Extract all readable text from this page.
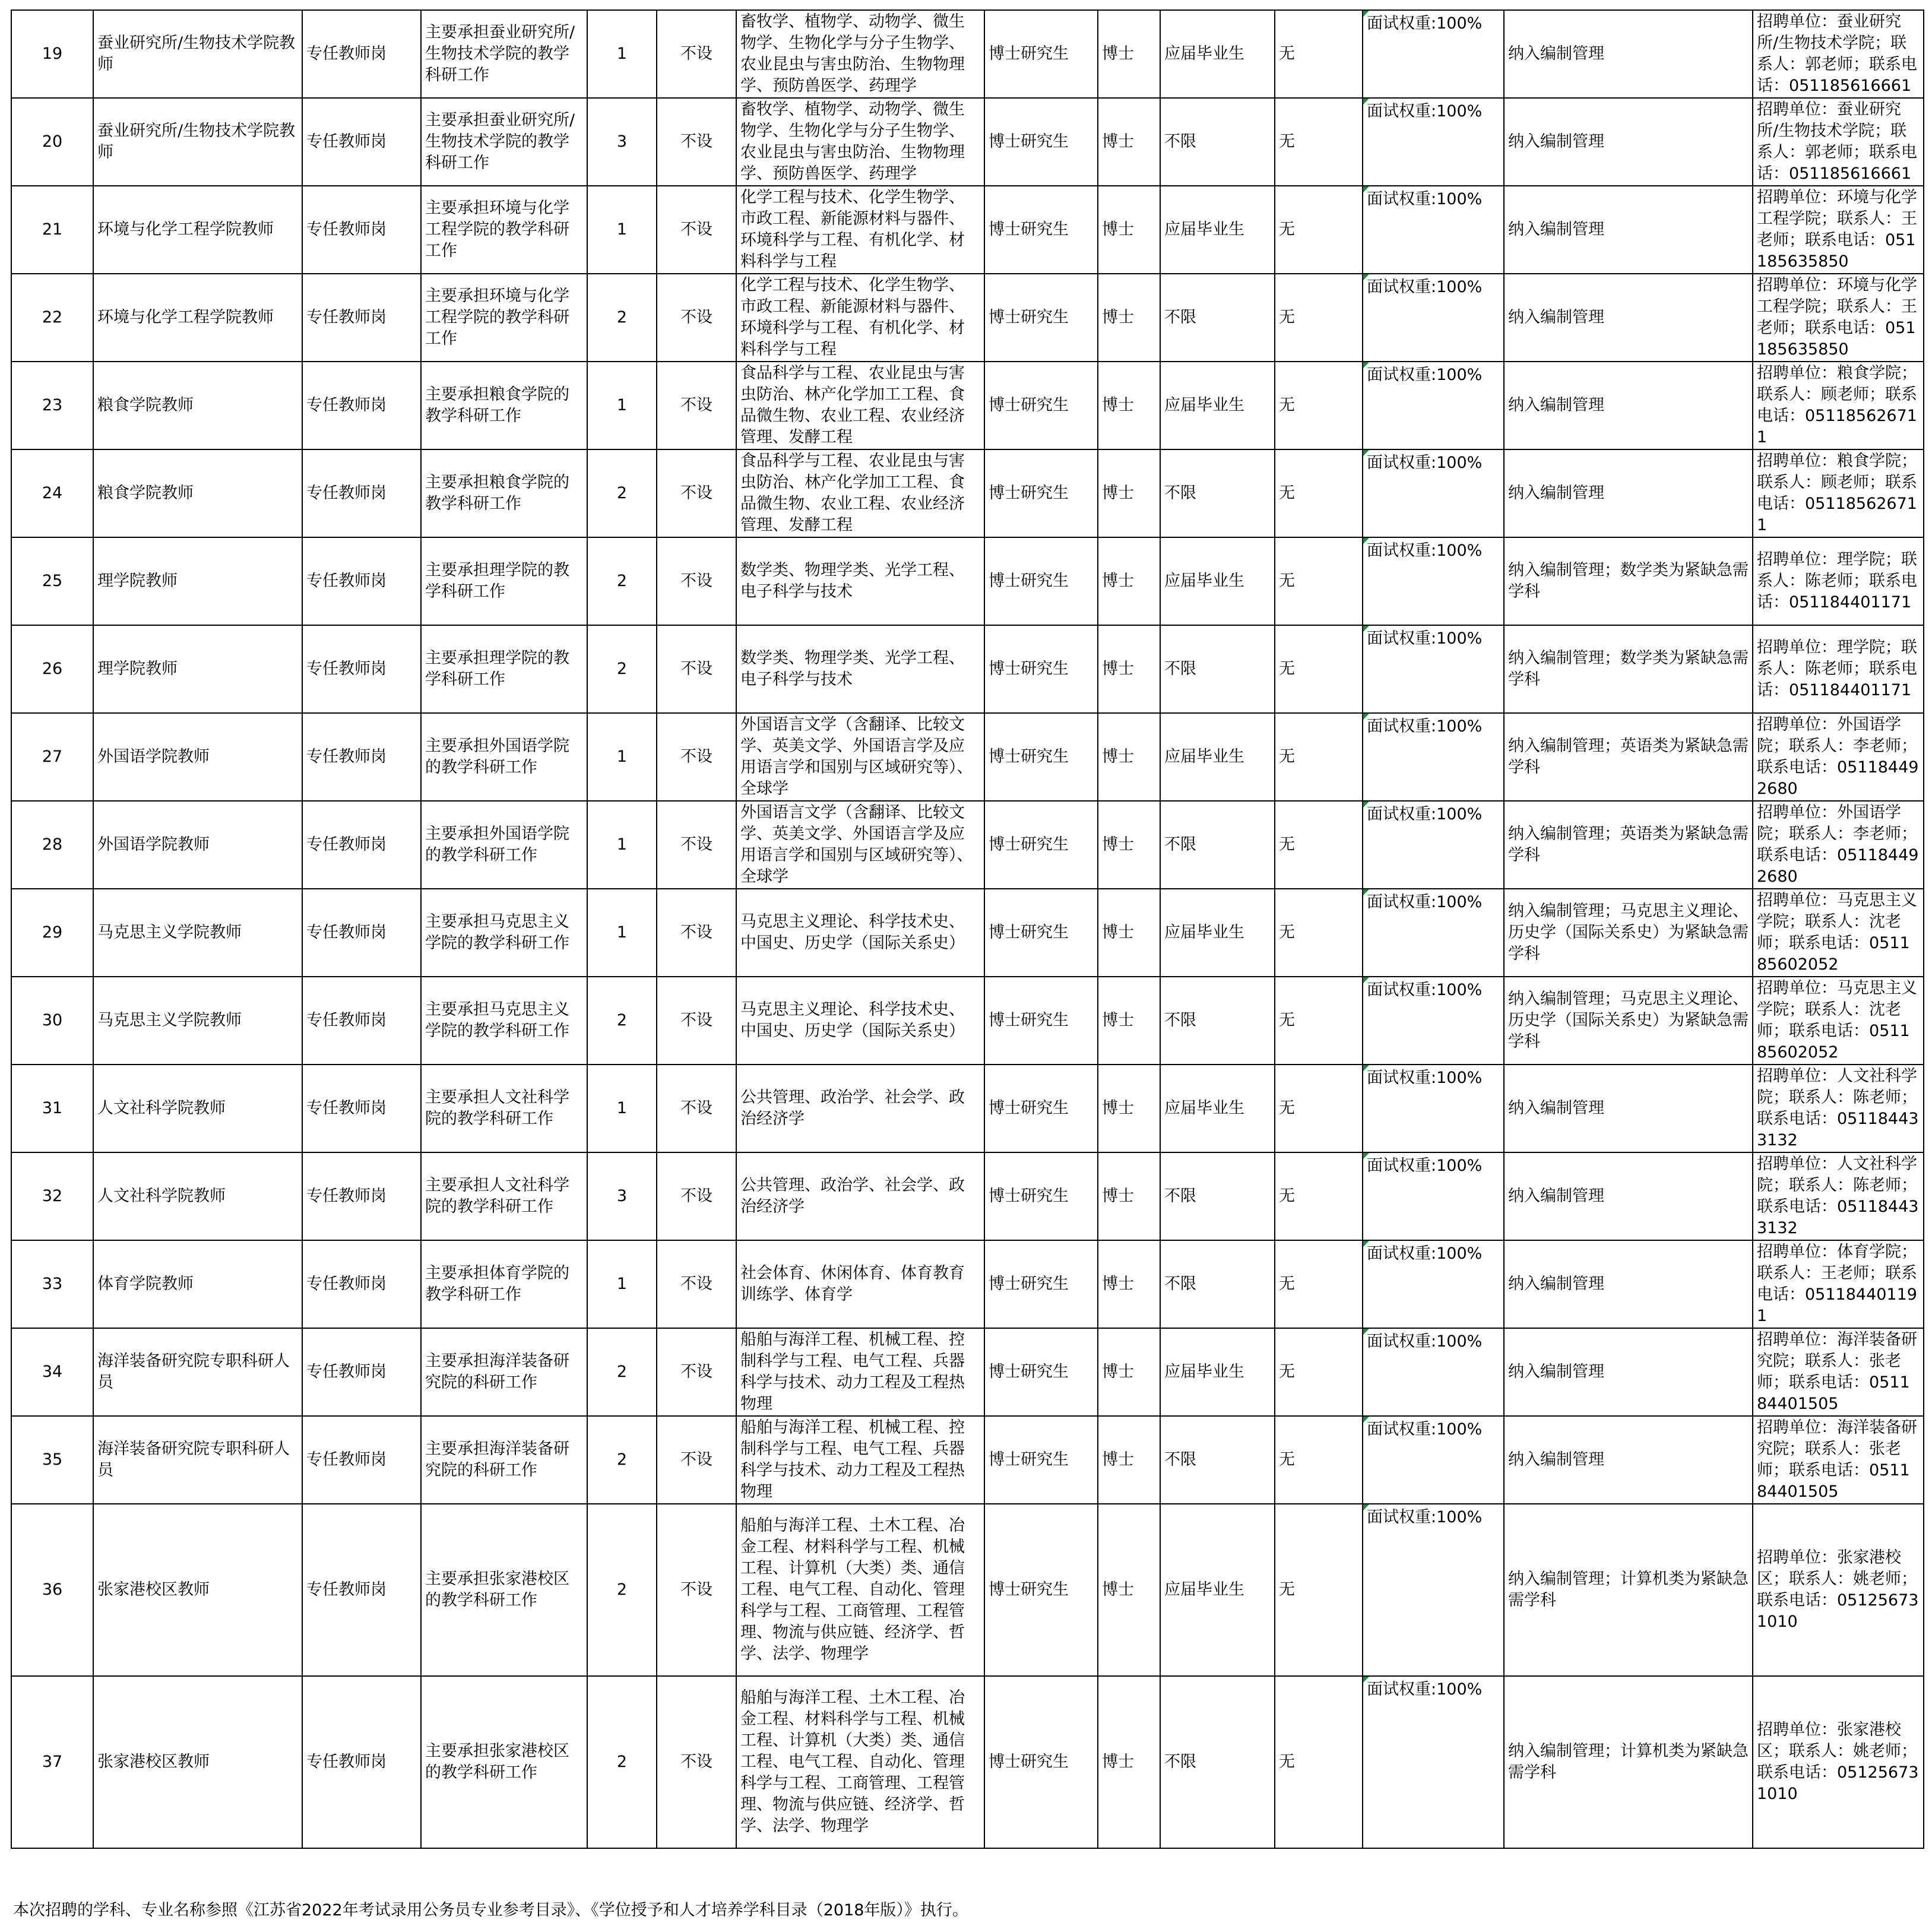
19	蚕业研究所/生物技术学院教师	专任教师岗	主要承担蚕业研究所/生物技术学院的教学科研工作	1	不设	畜牧学、植物学、动物学、微生物学、生物化学与分子生物学、农业昆虫与害虫防治、生物物理学、预防兽医学、药理学	博士研究生	博士	应届毕业生	无	面试权重:100%	纳入编制管理	招聘单位：蚕业研究所/生物技术学院；联系人：郭老师；联系电话：051185616661
20	蚕业研究所/生物技术学院教师	专任教师岗	主要承担蚕业研究所/生物技术学院的教学科研工作	3	不设	畜牧学、植物学、动物学、微生物学、生物化学与分子生物学、农业昆虫与害虫防治、生物物理学、预防兽医学、药理学	博士研究生	博士	不限	无	面试权重:100%	纳入编制管理	招聘单位：蚕业研究所/生物技术学院；联系人：郭老师；联系电话：051185616661
21	环境与化学工程学院教师	专任教师岗	主要承担环境与化学工程学院的教学科研工作	1	不设	化学工程与技术、化学生物学、市政工程、新能源材料与器件、环境科学与工程、有机化学、材料科学与工程	博士研究生	博士	应届毕业生	无	面试权重:100%	纳入编制管理	招聘单位：环境与化学工程学院；联系人：王老师；联系电话：051185635850
22	环境与化学工程学院教师	专任教师岗	主要承担环境与化学工程学院的教学科研工作	2	不设	化学工程与技术、化学生物学、市政工程、新能源材料与器件、环境科学与工程、有机化学、材料科学与工程	博士研究生	博士	不限	无	面试权重:100%	纳入编制管理	招聘单位：环境与化学工程学院；联系人：王老师；联系电话：051185635850
23	粮食学院教师	专任教师岗	主要承担粮食学院的教学科研工作	1	不设	食品科学与工程、农业昆虫与害虫防治、林产化学加工工程、食品微生物、农业工程、农业经济管理、发酵工程	博士研究生	博士	应届毕业生	无	面试权重:100%	纳入编制管理	招聘单位：粮食学院；联系人：顾老师；联系电话：051185626711
24	粮食学院教师	专任教师岗	主要承担粮食学院的教学科研工作	2	不设	食品科学与工程、农业昆虫与害虫防治、林产化学加工工程、食品微生物、农业工程、农业经济管理、发酵工程	博士研究生	博士	不限	无	面试权重:100%	纳入编制管理	招聘单位：粮食学院；联系人：顾老师；联系电话：051185626711
25	理学院教师	专任教师岗	主要承担理学院的教学科研工作	2	不设	数学类、物理学类、光学工程、电子科学与技术	博士研究生	博士	应届毕业生	无	面试权重:100%	纳入编制管理；数学类为紧缺急需学科	招聘单位：理学院；联系人：陈老师；联系电话：051184401171
26	理学院教师	专任教师岗	主要承担理学院的教学科研工作	2	不设	数学类、物理学类、光学工程、电子科学与技术	博士研究生	博士	不限	无	面试权重:100%	纳入编制管理；数学类为紧缺急需学科	招聘单位：理学院；联系人：陈老师；联系电话：051184401171
27	外国语学院教师	专任教师岗	主要承担外国语学院的教学科研工作	1	不设	外国语言文学（含翻译、比较文学、英美文学、外国语言学及应用语言学和国别与区域研究等）、全球学	博士研究生	博士	应届毕业生	无	面试权重:100%	纳入编制管理；英语类为紧缺急需学科	招聘单位：外国语学院；联系人：李老师；联系电话：051184492680
28	外国语学院教师	专任教师岗	主要承担外国语学院的教学科研工作	1	不设	外国语言文学（含翻译、比较文学、英美文学、外国语言学及应用语言学和国别与区域研究等）、全球学	博士研究生	博士	不限	无	面试权重:100%	纳入编制管理；英语类为紧缺急需学科	招聘单位：外国语学院；联系人：李老师；联系电话：051184492680
29	马克思主义学院教师	专任教师岗	主要承担马克思主义学院的教学科研工作	1	不设	马克思主义理论、科学技术史、中国史、历史学（国际关系史）	博士研究生	博士	应届毕业生	无	面试权重:100%	纳入编制管理；马克思主义理论、历史学（国际关系史）为紧缺急需学科	招聘单位：马克思主义学院；联系人：沈老师；联系电话：051185602052
30	马克思主义学院教师	专任教师岗	主要承担马克思主义学院的教学科研工作	2	不设	马克思主义理论、科学技术史、中国史、历史学（国际关系史）	博士研究生	博士	不限	无	面试权重:100%	纳入编制管理；马克思主义理论、历史学（国际关系史）为紧缺急需学科	招聘单位：马克思主义学院；联系人：沈老师；联系电话：051185602052
31	人文社科学院教师	专任教师岗	主要承担人文社科学院的教学科研工作	1	不设	公共管理、政治学、社会学、政治经济学	博士研究生	博士	应届毕业生	无	面试权重:100%	纳入编制管理	招聘单位：人文社科学院；联系人：陈老师；联系电话：051184433132
32	人文社科学院教师	专任教师岗	主要承担人文社科学院的教学科研工作	3	不设	公共管理、政治学、社会学、政治经济学	博士研究生	博士	不限	无	面试权重:100%	纳入编制管理	招聘单位：人文社科学院；联系人：陈老师；联系电话：051184433132
33	体育学院教师	专任教师岗	主要承担体育学院的教学科研工作	1	不设	社会体育、休闲体育、体育教育训练学、体育学	博士研究生	博士	不限	无	面试权重:100%	纳入编制管理	招聘单位：体育学院；联系人：王老师；联系电话：051184401191
34	海洋装备研究院专职科研人员	专任教师岗	主要承担海洋装备研究院的科研工作	2	不设	船舶与海洋工程、机械工程、控制科学与工程、电气工程、兵器科学与技术、动力工程及工程热物理	博士研究生	博士	应届毕业生	无	面试权重:100%	纳入编制管理	招聘单位：海洋装备研究院；联系人：张老师；联系电话：051184401505
35	海洋装备研究院专职科研人员	专任教师岗	主要承担海洋装备研究院的科研工作	2	不设	船舶与海洋工程、机械工程、控制科学与工程、电气工程、兵器科学与技术、动力工程及工程热物理	博士研究生	博士	不限	无	面试权重:100%	纳入编制管理	招聘单位：海洋装备研究院；联系人：张老师；联系电话：051184401505
36	张家港校区教师	专任教师岗	主要承担张家港校区的教学科研工作	2	不设	船舶与海洋工程、土木工程、冶金工程、材料科学与工程、机械工程、计算机（大类）类、通信工程、电气工程、自动化、管理科学与工程、工商管理、工程管理、物流与供应链、经济学、哲学、法学、物理学	博士研究生	博士	应届毕业生	无	面试权重:100%	纳入编制管理；计算机类为紧缺急需学科	招聘单位：张家港校区；联系人：姚老师；联系电话：051256731010
37	张家港校区教师	专任教师岗	主要承担张家港校区的教学科研工作	2	不设	船舶与海洋工程、土木工程、冶金工程、材料科学与工程、机械工程、计算机（大类）类、通信工程、电气工程、自动化、管理科学与工程、工商管理、工程管理、物流与供应链、经济学、哲学、法学、物理学	博士研究生	博士	不限	无	面试权重:100%	纳入编制管理；计算机类为紧缺急需学科	招聘单位：张家港校区；联系人：姚老师；联系电话：051256731010
本次招聘的学科、专业名称参照《江苏省2022年考试录用公务员专业参考目录》、《学位授予和人才培养学科目录（2018年版）》执行。
